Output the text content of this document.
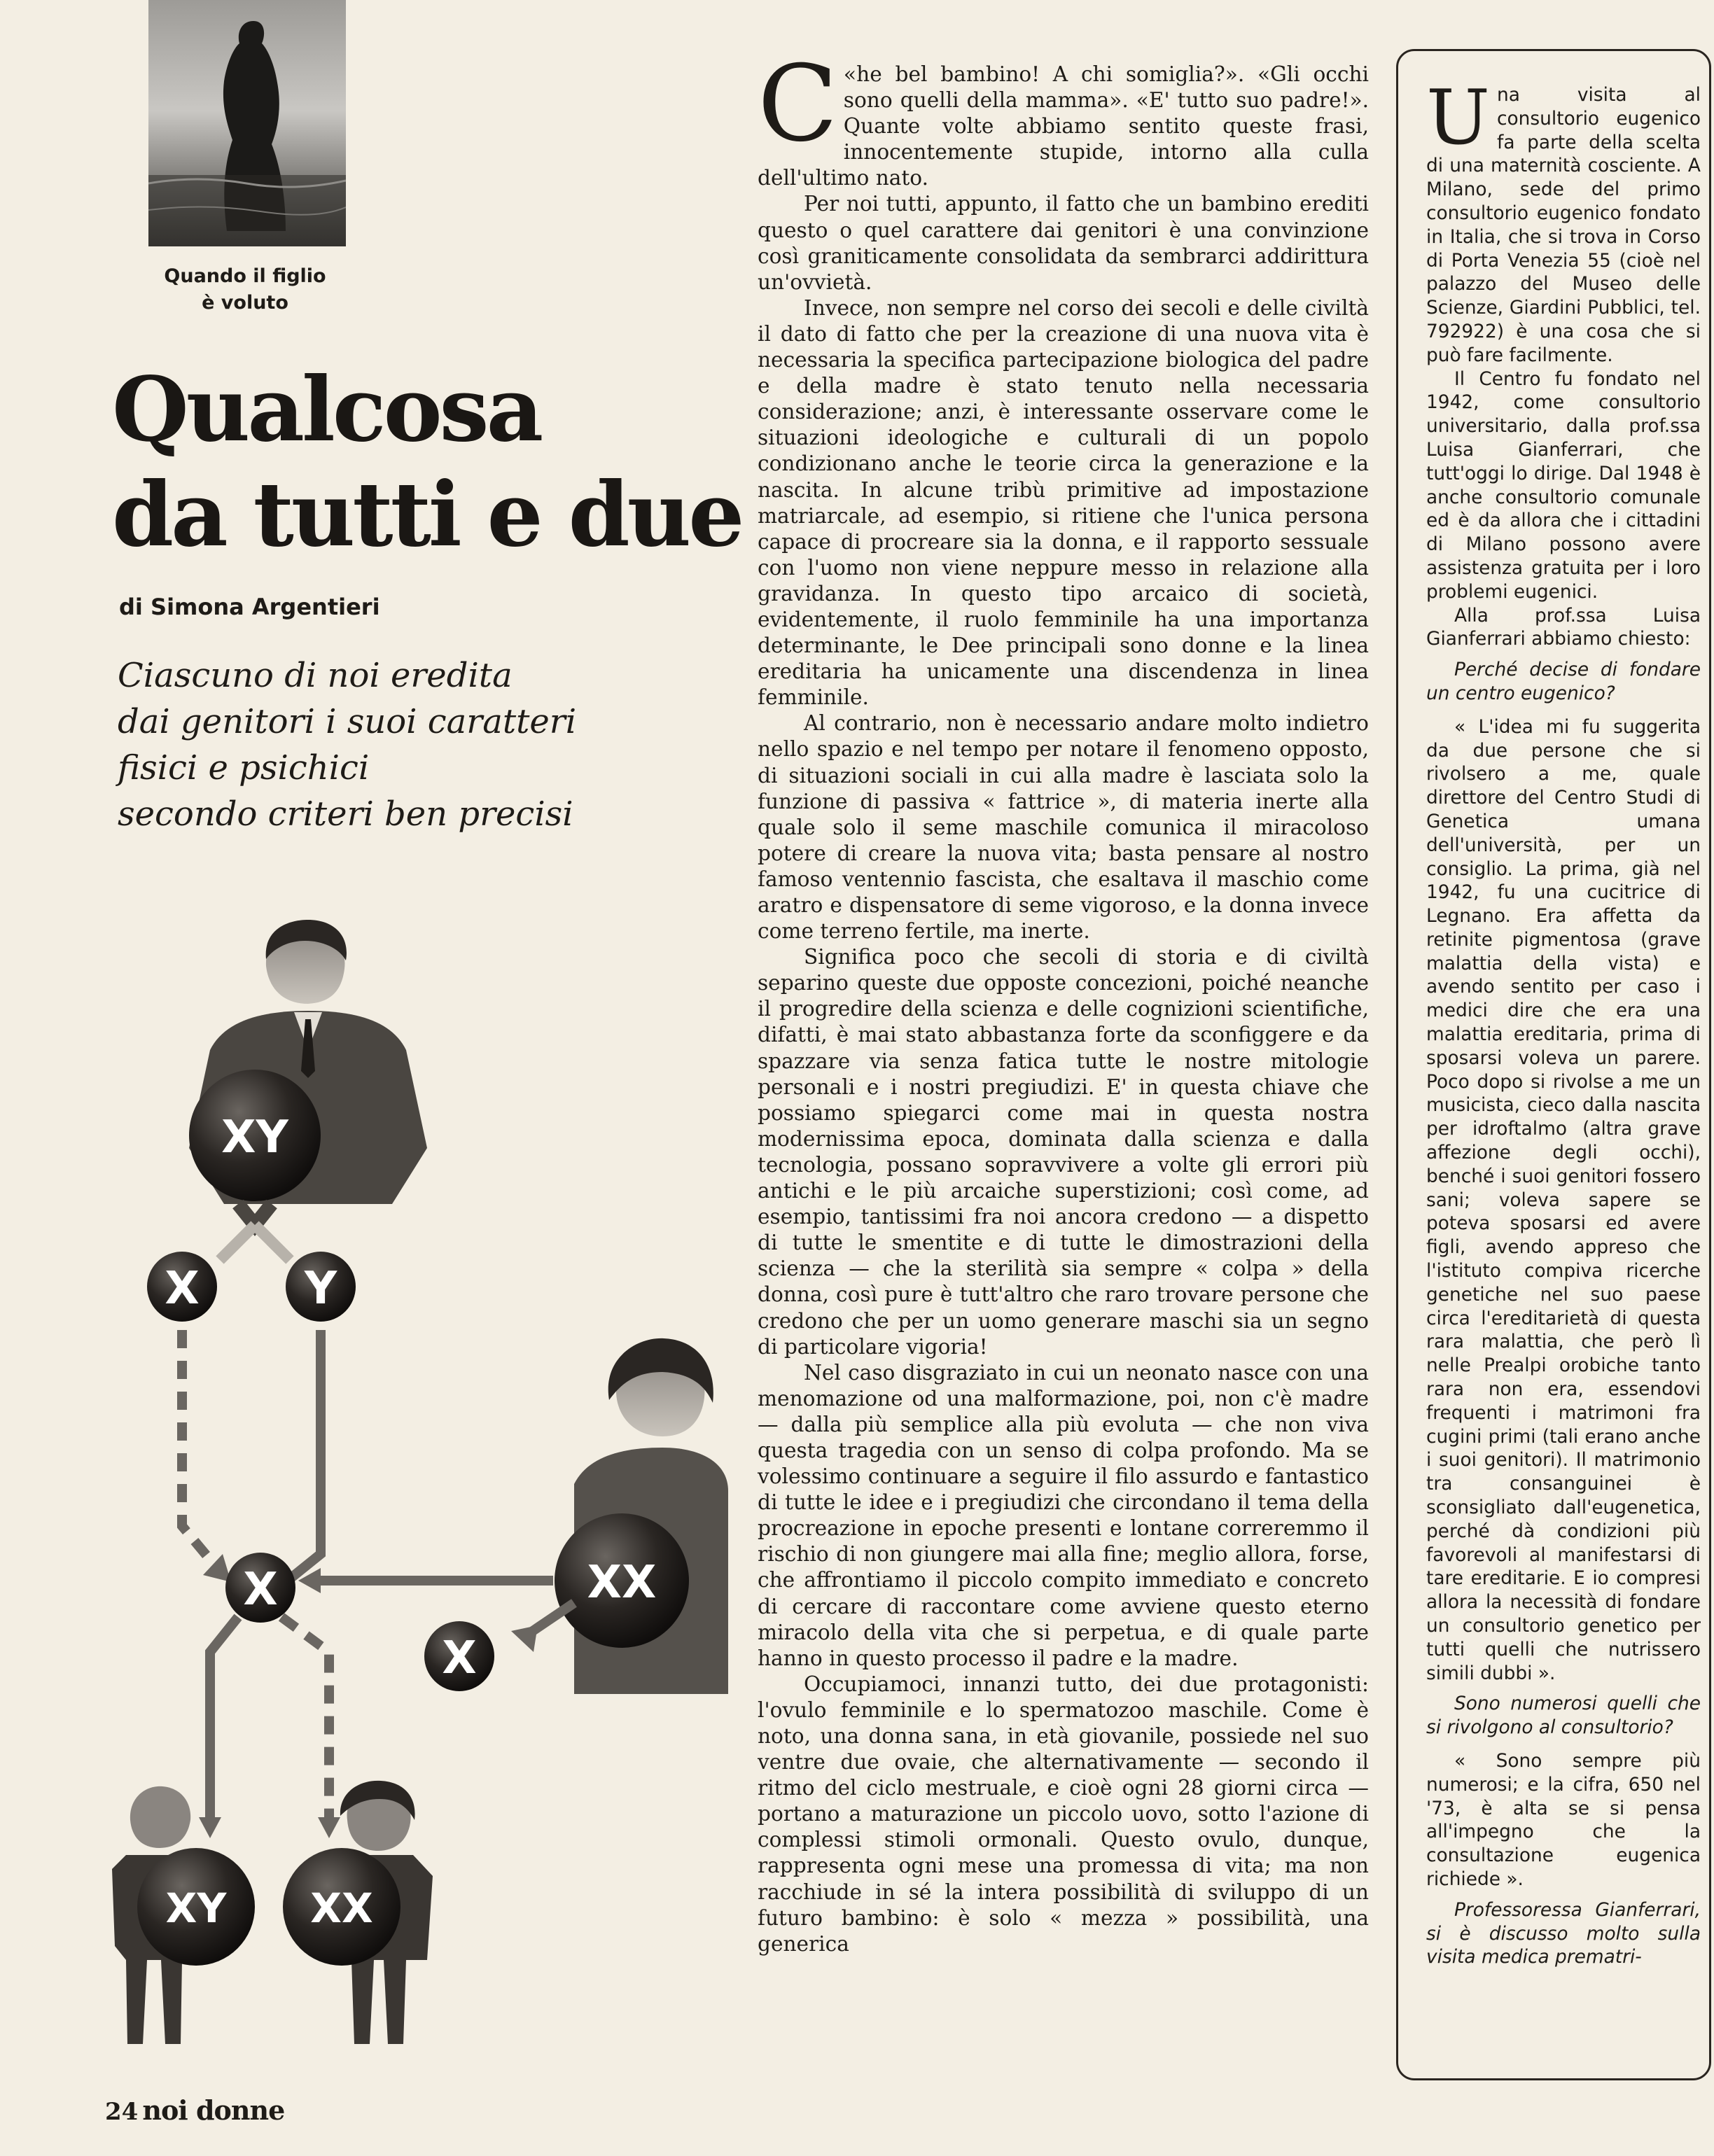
Quando il figlio
è voluto
Qualcosa
da tutti e due
di Simona Argentieri
Ciascuno di noi eredita
dai genitori i suoi caratteri
fisici e psichici
secondo criteri ben precisi
XY
X Y
XX
X
X
XY XX
24 noi donne

«
C he bel bambino! A chi somiglia?». «Gli occhi sono quelli della mamma». «E' tutto suo padre!». Quante volte abbiamo sentito queste frasi, innocentemente stupide, intorno alla culla dell'ultimo nato.

Per noi tutti, appunto, il fatto che un bambino erediti questo o quel carattere dai genitori è una convinzione così graniticamente consolidata da sembrarci addirittura un'ovvietà.

Invece, non sempre nel corso dei secoli e delle civiltà il dato di fatto che per la creazione di una nuova vita è necessaria la specifica partecipazione biologica del padre e della madre è stato tenuto nella necessaria considerazione; anzi, è interessante osservare come le situazioni ideologiche e culturali di un popolo condizionano anche le teorie circa la generazione e la nascita. In alcune tribù primitive ad impostazione matriarcale, ad esempio, si ritiene che l'unica persona capace di procreare sia la donna, e il rapporto sessuale con l'uomo non viene neppure messo in relazione alla gravidanza. In questo tipo arcaico di società, evidentemente, il ruolo femminile ha una importanza determinante, le Dee principali sono donne e la linea ereditaria ha unicamente una discendenza in linea femminile.

Al contrario, non è necessario andare molto indietro nello spazio e nel tempo per notare il fenomeno opposto, di situazioni sociali in cui alla madre è lasciata solo la funzione di passiva « fattrice », di materia inerte alla quale solo il seme maschile comunica il miracoloso potere di creare la nuova vita; basta pensare al nostro famoso ventennio fascista, che esaltava il maschio come aratro e dispensatore di seme vigoroso, e la donna invece come terreno fertile, ma inerte.

Significa poco che secoli di storia e di civiltà separino queste due opposte concezioni, poiché neanche il progredire della scienza e delle cognizioni scientifiche, difatti, è mai stato abbastanza forte da sconfiggere e da spazzare via senza fatica tutte le nostre mitologie personali e i nostri pregiudizi. E' in questa chiave che possiamo spiegarci come mai in questa nostra modernissima epoca, dominata dalla scienza e dalla tecnologia, possano sopravvivere a volte gli errori più antichi e le più arcaiche superstizioni; così come, ad esempio, tantissimi fra noi ancora credono — a dispetto di tutte le smentite e di tutte le dimostrazioni della scienza — che la sterilità sia sempre « colpa » della donna, così pure è tutt'altro che raro trovare persone che credono che per un uomo generare maschi sia un segno di particolare vigoria!

Nel caso disgraziato in cui un neonato nasce con una menomazione od una malformazione, poi, non c'è madre — dalla più semplice alla più evoluta — che non viva questa tragedia con un senso di colpa profondo. Ma se volessimo continuare a seguire il filo assurdo e fantastico di tutte le idee e i pregiudizi che circondano il tema della procreazione in epoche presenti e lontane correremmo il rischio di non giungere mai alla fine; meglio allora, forse, che affrontiamo il piccolo compito immediato e concreto di cercare di raccontare come avviene questo eterno miracolo della vita che si perpetua, e di quale parte hanno in questo processo il padre e la madre.

Occupiamoci, innanzi tutto, dei due protagonisti: l'ovulo femminile e lo spermatozoo maschile. Come è noto, una donna sana, in età giovanile, possiede nel suo ventre due ovaie, che alternativamente — secondo il ritmo del ciclo mestruale, e cioè ogni 28 giorni circa — portano a maturazione un piccolo uovo, sotto l'azione di complessi stimoli ormonali. Questo ovulo, dunque, rappresenta ogni mese una promessa di vita; ma non racchiude in sé la intera possibilità di sviluppo di un futuro bambino: è solo « mezza » possibilità, una generica

Una visita al consultorio eugenico fa parte della scelta di una maternità cosciente. A Milano, sede del primo consultorio eugenico fondato in Italia, che si trova in Corso di Porta Venezia 55 (cioè nel palazzo del Museo delle Scienze, Giardini Pubblici, tel. 792922) è una cosa che si può fare facilmente.

Il Centro fu fondato nel 1942, come consultorio universitario, dalla prof.ssa Luisa Gianferrari, che tutt'oggi lo dirige. Dal 1948 è anche consultorio comunale ed è da allora che i cittadini di Milano possono avere assistenza gratuita per i loro problemi eugenici.

Alla prof.ssa Luisa Gianferrari abbiamo chiesto:

Perché decise di fondare un centro eugenico?

« L'idea mi fu suggerita da due persone che si rivolsero a me, quale direttore del Centro Studi di Genetica umana dell'università, per un consiglio. La prima, già nel 1942, fu una cucitrice di Legnano. Era affetta da retinite pigmentosa (grave malattia della vista) e avendo sentito per caso i medici dire che era una malattia ereditaria, prima di sposarsi voleva un parere. Poco dopo si rivolse a me un musicista, cieco dalla nascita per idroftalmo (altra grave affezione degli occhi), benché i suoi genitori fossero sani; voleva sapere se poteva sposarsi ed avere figli, avendo appreso che l'istituto compiva ricerche genetiche nel suo paese circa l'ereditarietà di questa rara malattia, che però lì nelle Prealpi orobiche tanto rara non era, essendovi frequenti i matrimoni fra cugini primi (tali erano anche i suoi genitori). Il matrimonio tra consanguinei è sconsigliato dall'eugenetica, perché dà condizioni più favorevoli al manifestarsi di tare ereditarie. E io compresi allora la necessità di fondare un consultorio genetico per tutti quelli che nutrissero simili dubbi ».

Sono numerosi quelli che si rivolgono al consultorio?

« Sono sempre più numerosi; e la cifra, 650 nel '73, è alta se si pensa all'impegno che la consultazione eugenica richiede ».

Professoressa Gianferrari, si è discusso molto sulla visita medica prematri-
